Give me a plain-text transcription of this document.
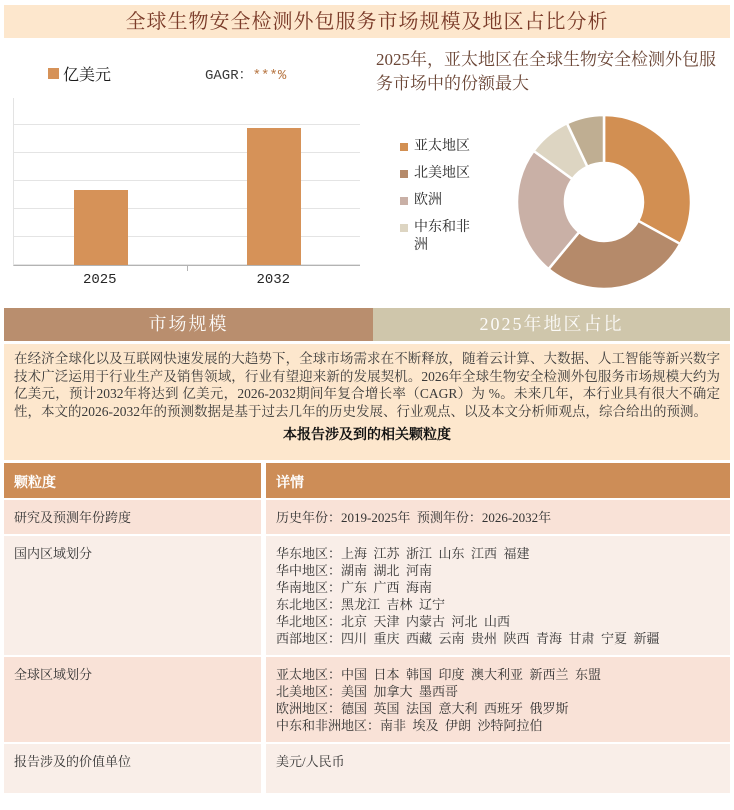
全球生物安全检测外包服务市场规模及地区占比分析
亿美元	GAGR：***%
2025	2032
2025年，亚太地区在全球生物安全检测外包服务市场中的份额最大
亚太地区
北美地区
欧洲
中东和非洲
市场规模	2025年地区占比

在经济全球化以及互联网快速发展的大趋势下，全球市场需求在不断释放，随着云计算、大数据、人工智能等新兴数字技术广泛运用于行业生产及销售领域，行业有望迎来新的发展契机。2026年全球生物安全检测外包服务市场规模大约为 亿美元，预计2032年将达到 亿美元，2026-2032期间年复合增长率（CAGR）为 %。未来几年，本行业具有很大不确定性，本文的2026-2032年的预测数据是基于过去几年的历史发展、行业观点、以及本文分析师观点，综合给出的预测。

本报告涉及到的相关颗粒度
颗粒度	详情
研究及预测年份跨度	历史年份：2019-2025年  预测年份：2026-2032年
国内区域划分	华东地区：上海  江苏  浙江  山东  江西  福建
华中地区：湖南  湖北  河南
华南地区：广东  广西  海南
东北地区：黑龙江  吉林  辽宁
华北地区：北京  天津  内蒙古  河北  山西
西部地区：四川  重庆  西藏  云南  贵州  陕西  青海  甘肃  宁夏  新疆
全球区域划分	亚太地区：中国  日本  韩国  印度  澳大利亚  新西兰  东盟
北美地区：美国  加拿大  墨西哥
欧洲地区：德国  英国  法国  意大利  西班牙  俄罗斯
中东和非洲地区：南非  埃及  伊朗  沙特阿拉伯
报告涉及的价值单位	美元/人民币
